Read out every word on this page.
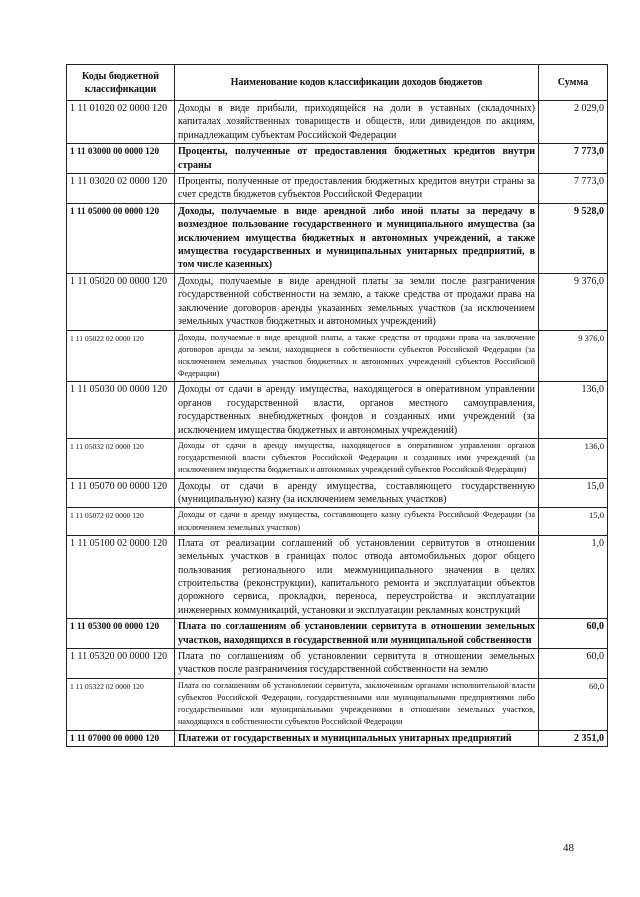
Коды бюджетной классификации	Наименование кодов классификации доходов бюджетов	Сумма
1 11 01020 02 0000 120	Доходы в виде прибыли, приходящейся на доли в уставных (складочных) капиталах хозяйственных товариществ и обществ, или дивидендов по акциям, принадлежащим субъектам Российской Федерации	2 029,0
1 11 03000 00 0000 120	Проценты, полученные от предоставления бюджетных кредитов внутри страны	7 773,0
1 11 03020 02 0000 120	Проценты, полученные от предоставления бюджетных кредитов внутри страны за счет средств бюджетов субъектов Российской Федерации	7 773,0
1 11 05000 00 0000 120	Доходы, получаемые в виде арендной либо иной платы за передачу в возмездное пользование государственного и муниципального имущества (за исключением имущества бюджетных и автономных учреждений, а также имущества государственных и муниципальных унитарных предприятий, в том числе казенных)	9 528,0
1 11 05020 00 0000 120	Доходы, получаемые в виде арендной платы за земли после разграничения государственной собственности на землю, а также средства от продажи права на заключение договоров аренды указанных земельных участков (за исключением земельных участков бюджетных и автономных учреждений)	9 376,0
1 11 05022 02 0000 120	Доходы, получаемые в виде арендной платы, а также средства от продажи права на заключение договоров аренды за земли, находящиеся в собственности субъектов Российской Федерации (за исключением земельных участков бюджетных и автономных учреждений субъектов Российской Федерации)	9 376,0
1 11 05030 00 0000 120	Доходы от сдачи в аренду имущества, находящегося в оперативном управлении органов государственной власти, органов местного самоуправления, государственных внебюджетных фондов и созданных ими учреждений (за исключением имущества бюджетных и автономных учреждений)	136,0
1 11 05032 02 0000 120	Доходы от сдачи в аренду имущества, находящегося в оперативном управлении органов государственной власти субъектов Российской Федерации и созданных ими учреждений (за исключением имущества бюджетных и автономных учреждений субъектов Российской Федерации)	136,0
1 11 05070 00 0000 120	Доходы от сдачи в аренду имущества, составляющего государственную (муниципальную) казну (за исключением земельных участков)	15,0
1 11 05072 02 0000 120	Доходы от сдачи в аренду имущества, составляющего казну субъекта Российской Федерации (за исключением земельных участков)	15,0
1 11 05100 02 0000 120	Плата от реализации соглашений об установлении сервитутов в отношении земельных участков в границах полос отвода автомобильных дорог общего пользования регионального или межмуниципального значения в целях строительства (реконструкции), капитального ремонта и эксплуатации объектов дорожного сервиса, прокладки, переноса, переустройства и эксплуатации инженерных коммуникаций, установки и эксплуатации рекламных конструкций	1,0
1 11 05300 00 0000 120	Плата по соглашениям об установлении сервитута в отношении земельных участков, находящихся в государственной или муниципальной собственности	60,0
1 11 05320 00 0000 120	Плата по соглашениям об установлении сервитута в отношении земельных участков после разграничения государственной собственности на землю	60,0
1 11 05322 02 0000 120	Плата по соглашениям об установлении сервитута, заключенным органами исполнительной власти субъектов Российской Федерации, государственными или муниципальными предприятиями либо государственными или муниципальными учреждениями в отношении земельных участков, находящихся в собственности субъектов Российской Федерации	60,0
1 11 07000 00 0000 120	Платежи от государственных и муниципальных унитарных предприятий	2 351,0
48
